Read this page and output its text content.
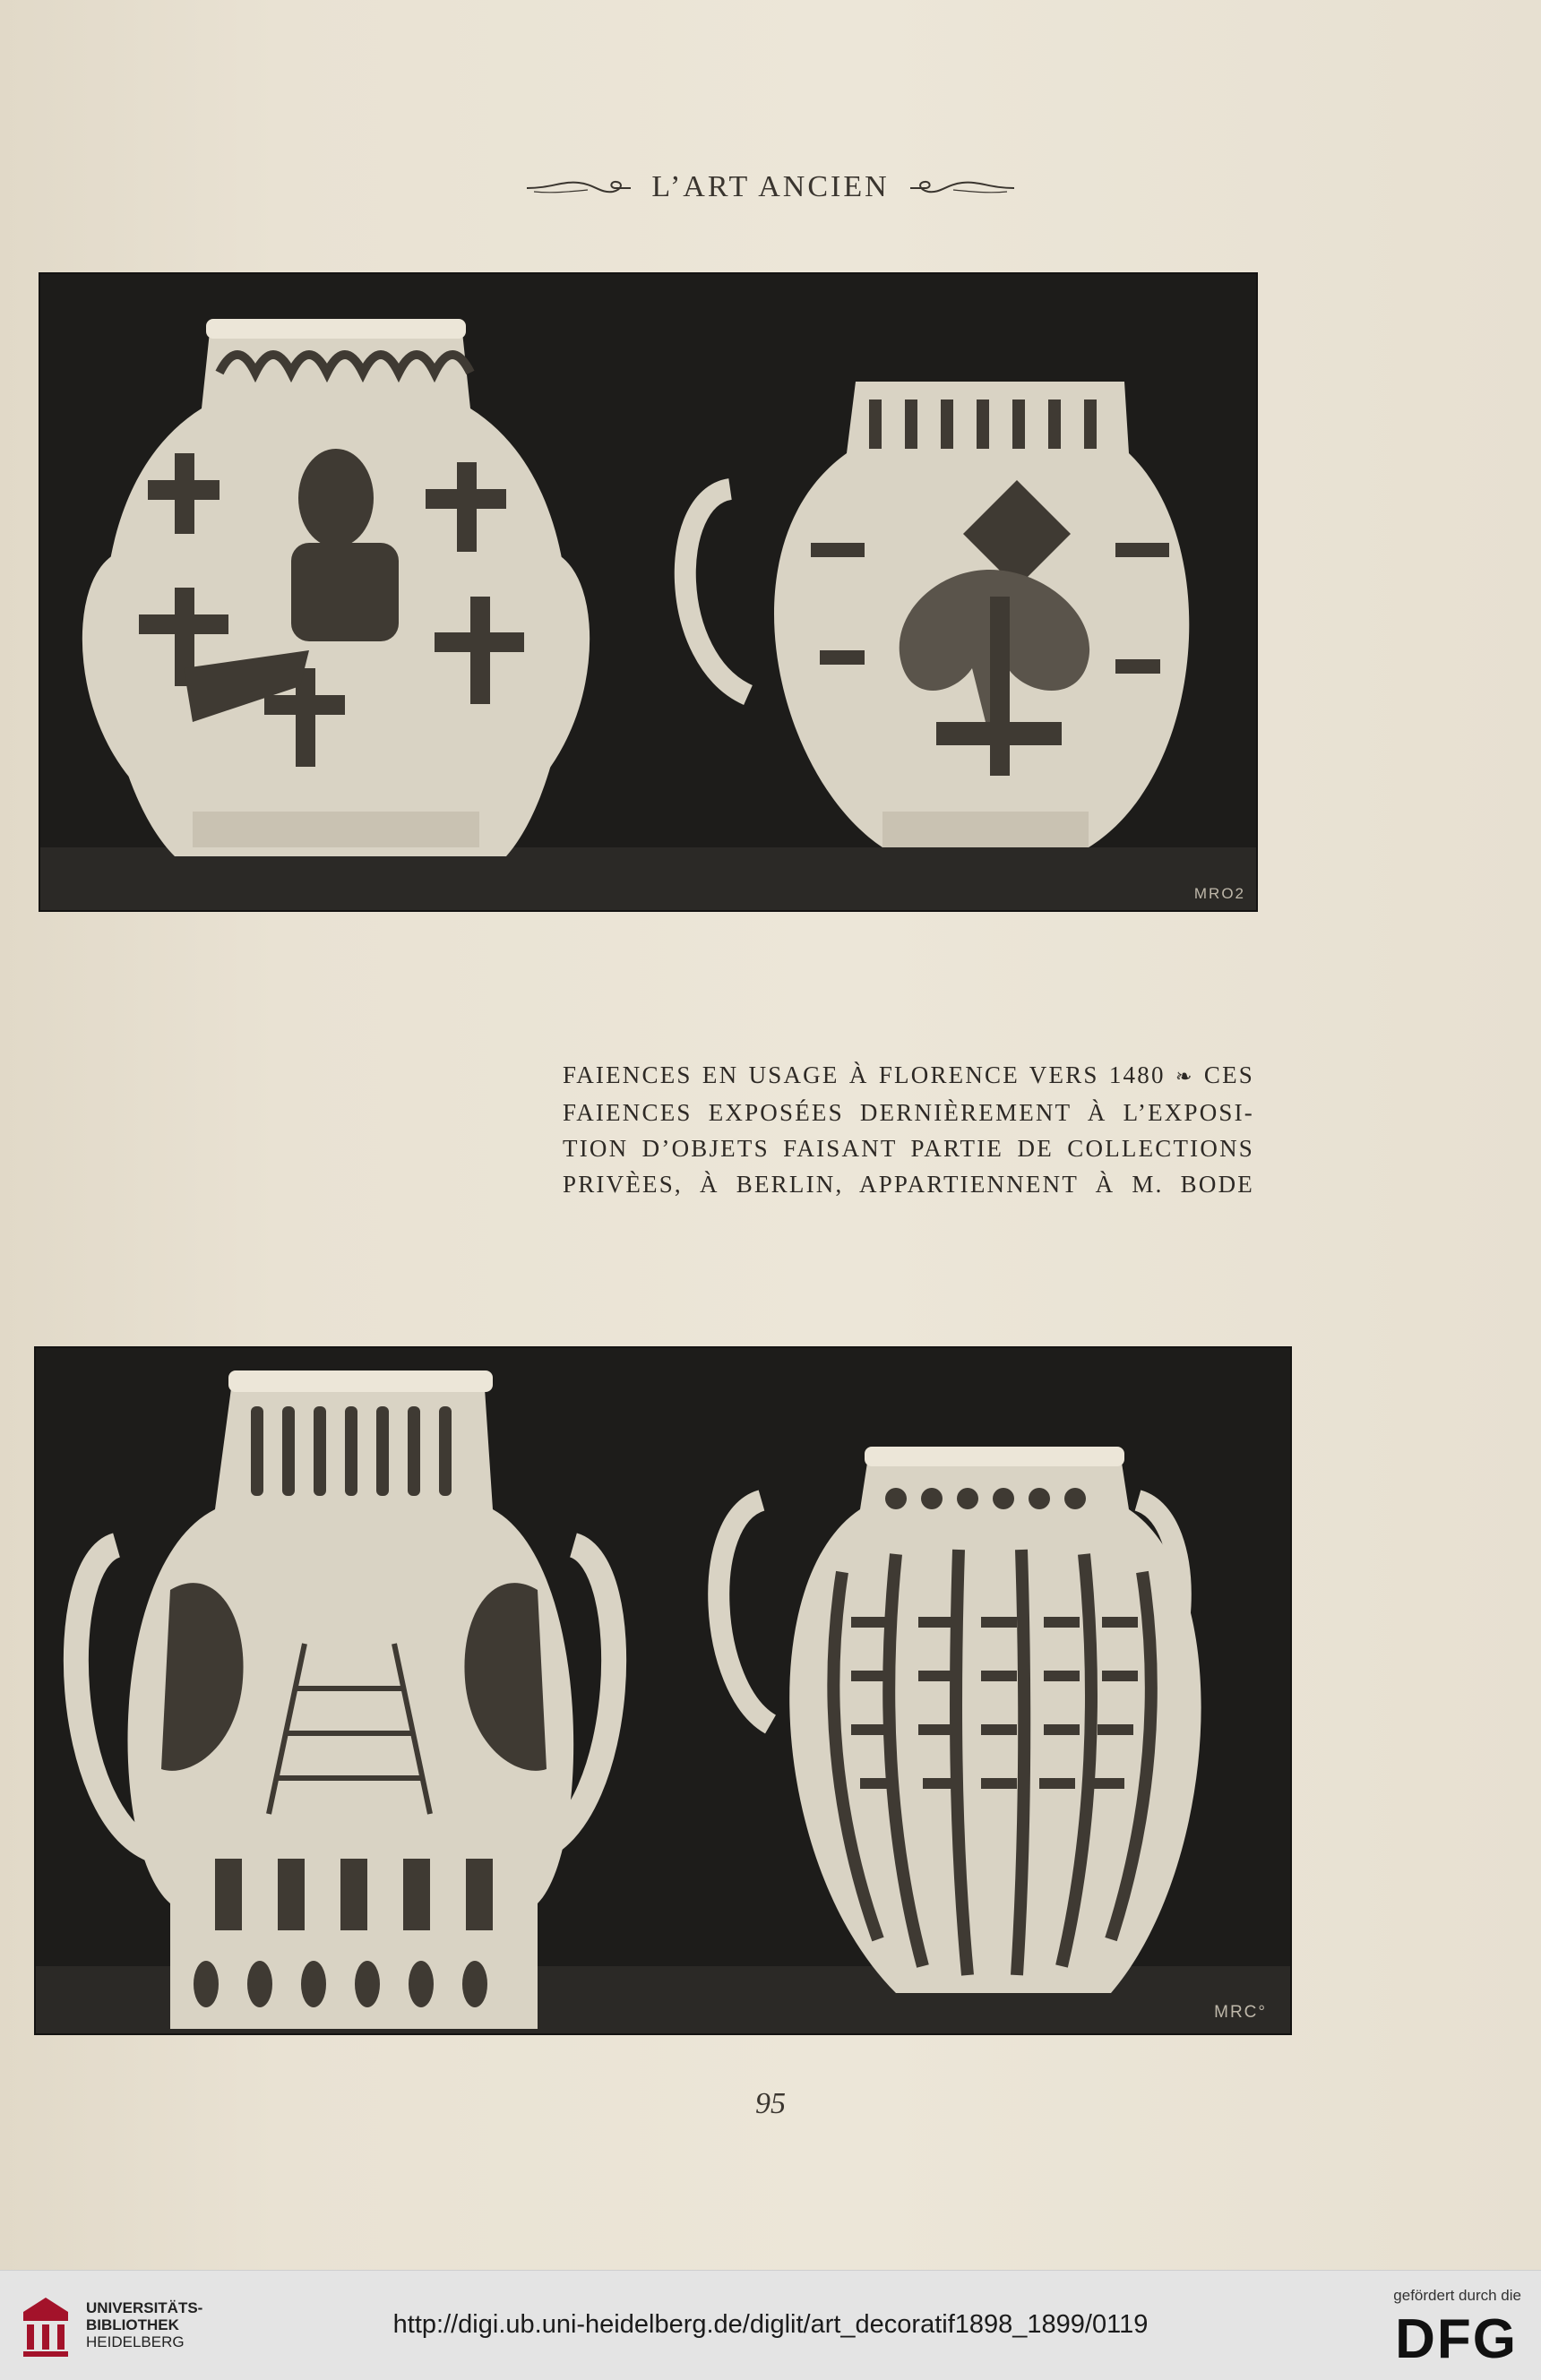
L’ART ANCIEN
MRO2
FAIENCES EN USAGE À FLORENCE VERS 1480 ❧ CES
FAIENCES EXPOSÉES DERNIÈREMENT À L’EXPOSI-
TION D’OBJETS FAISANT PARTIE DE COLLECTIONS
PRIVÈES, À BERLIN, APPARTIENNENT À M. BODE
MRC°
95
UNIVERSITÄTS-
BIBLIOTHEK
HEIDELBERG
http://digi.ub.uni-heidelberg.de/diglit/art_decoratif1898_1899/0119
gefördert durch die
DFG
